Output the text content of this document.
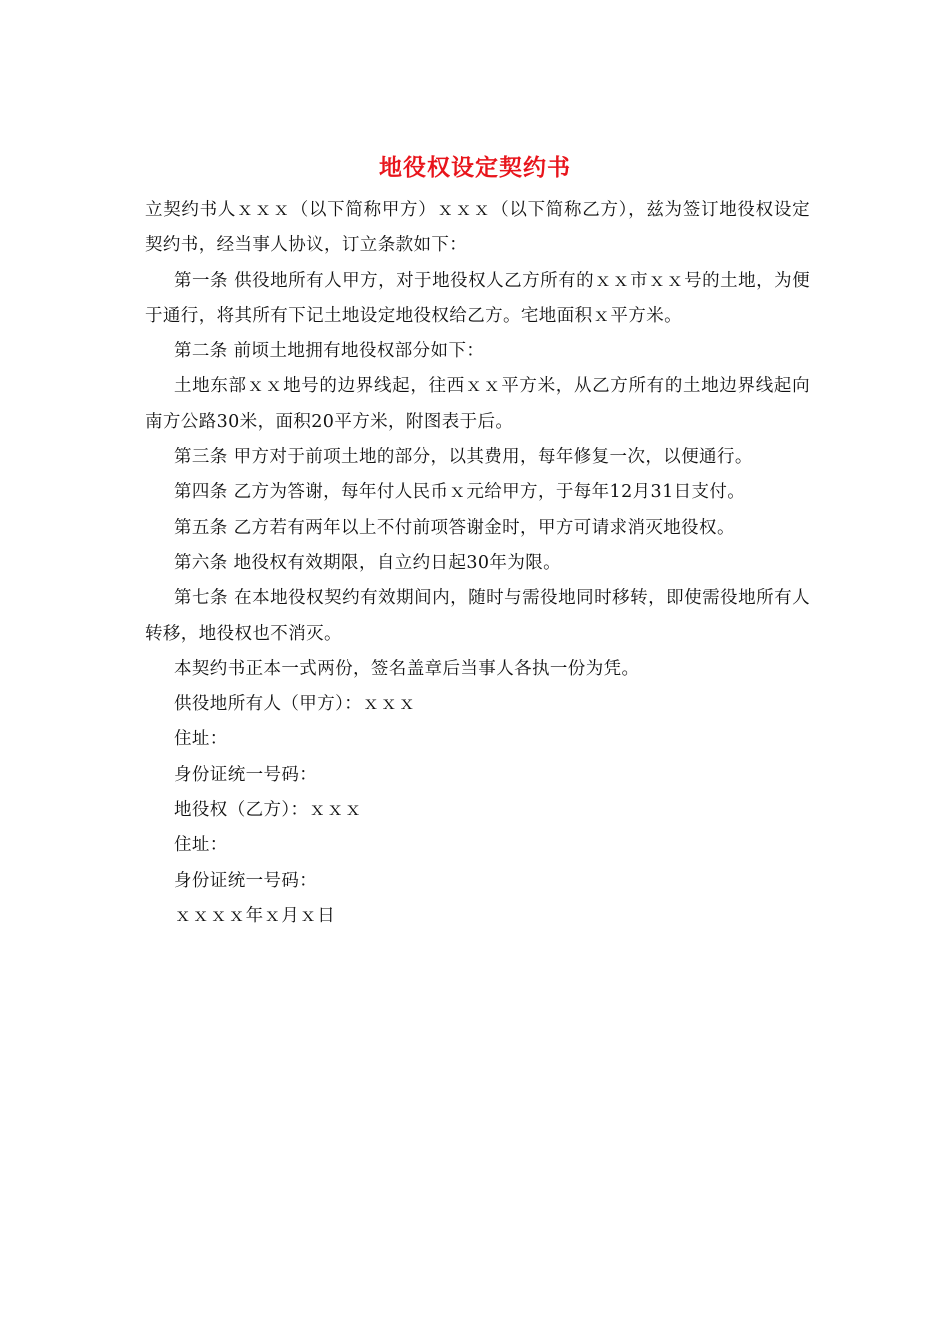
地役权设定契约书

立契约书人ｘｘｘ（以下简称甲方）ｘｘｘ（以下简称乙方），兹为签订地役权设定契约书，经当事人协议，订立条款如下：

第一条 供役地所有人甲方，对于地役权人乙方所有的ｘｘ市ｘｘ号的土地，为便于通行，将其所有下记土地设定地役权给乙方。宅地面积ｘ平方米。

第二条 前顷土地拥有地役权部分如下：

土地东部ｘｘ地号的边界线起，往西ｘｘ平方米，从乙方所有的土地边界线起向南方公路30米，面积20平方米，附图表于后。

第三条 甲方对于前项土地的部分，以其费用，每年修复一次，以便通行。

第四条 乙方为答谢，每年付人民币ｘ元给甲方，于每年12月31日支付。

第五条 乙方若有两年以上不付前项答谢金时，甲方可请求消灭地役权。

第六条 地役权有效期限，自立约日起30年为限。

第七条 在本地役权契约有效期间内，随时与需役地同时移转，即使需役地所有人转移，地役权也不消灭。

本契约书正本一式两份，签名盖章后当事人各执一份为凭。

供役地所有人（甲方）：ｘｘｘ

住址：

身份证统一号码：

地役权（乙方）：ｘｘｘ

住址：

身份证统一号码：

ｘｘｘｘ年ｘ月ｘ日
